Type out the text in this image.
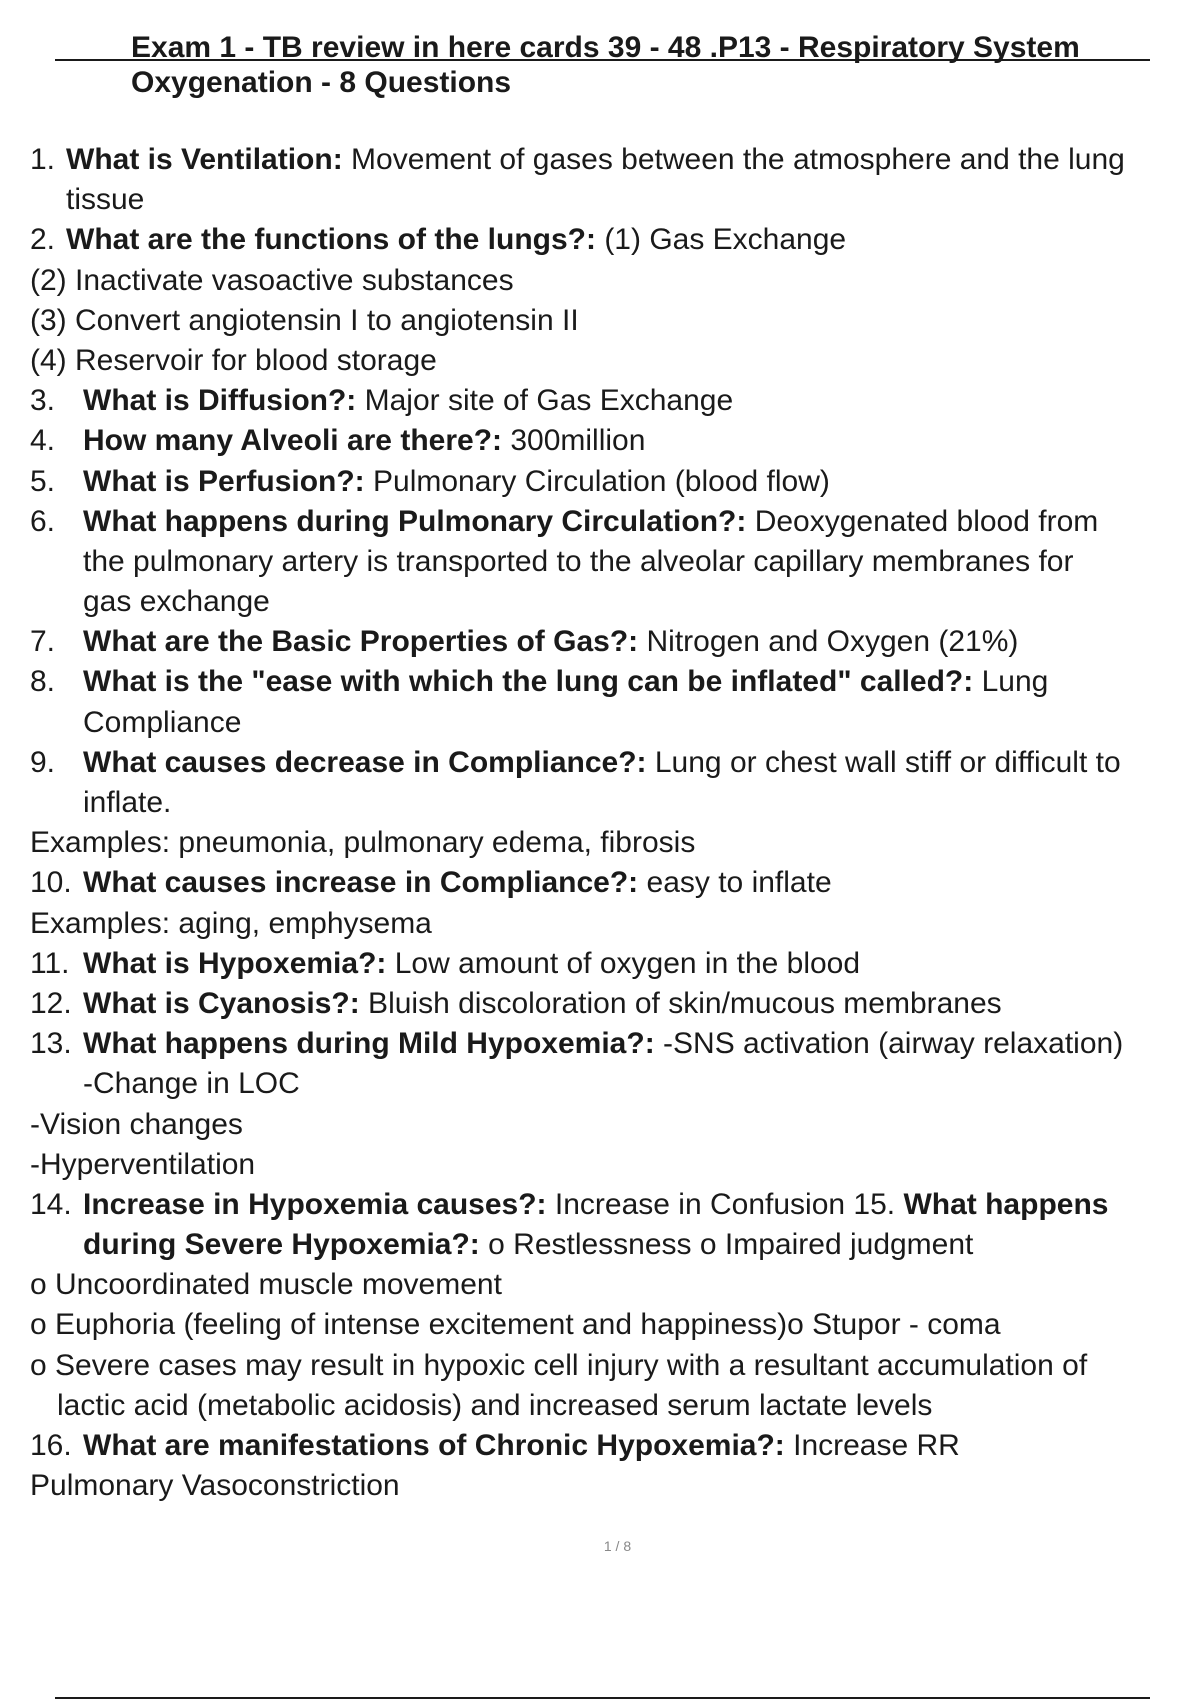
Exam 1 - TB review in here cards 39 - 48 .P13 - Respiratory System
Oxygenation - 8 Questions
1. What is Ventilation: Movement of gases between the atmosphere and the lung
tissue
2. What are the functions of the lungs?: (1) Gas Exchange
(2) Inactivate vasoactive substances
(3) Convert angiotensin I to angiotensin II
(4) Reservoir for blood storage
3. What is Diffusion?: Major site of Gas Exchange
4. How many Alveoli are there?: 300million
5. What is Perfusion?: Pulmonary Circulation (blood flow)
6. What happens during Pulmonary Circulation?: Deoxygenated blood from
the pulmonary artery is transported to the alveolar capillary membranes for
gas exchange
7. What are the Basic Properties of Gas?: Nitrogen and Oxygen (21%)
8. What is the "ease with which the lung can be inflated" called?: Lung
Compliance
9. What causes decrease in Compliance?: Lung or chest wall stiff or difficult to
inflate.
Examples: pneumonia, pulmonary edema, fibrosis
10. What causes increase in Compliance?: easy to inflate
Examples: aging, emphysema
11. What is Hypoxemia?: Low amount of oxygen in the blood
12. What is Cyanosis?: Bluish discoloration of skin/mucous membranes
13. What happens during Mild Hypoxemia?: -SNS activation (airway relaxation)
-Change in LOC
-Vision changes
-Hyperventilation
14. Increase in Hypoxemia causes?: Increase in Confusion 15. What happens
during Severe Hypoxemia?: o Restlessness o Impaired judgment
o Uncoordinated muscle movement
o Euphoria (feeling of intense excitement and happiness)o Stupor - coma
o Severe cases may result in hypoxic cell injury with a resultant accumulation of
lactic acid (metabolic acidosis) and increased serum lactate levels
16. What are manifestations of Chronic Hypoxemia?: Increase RR
Pulmonary Vasoconstriction
1 / 8
